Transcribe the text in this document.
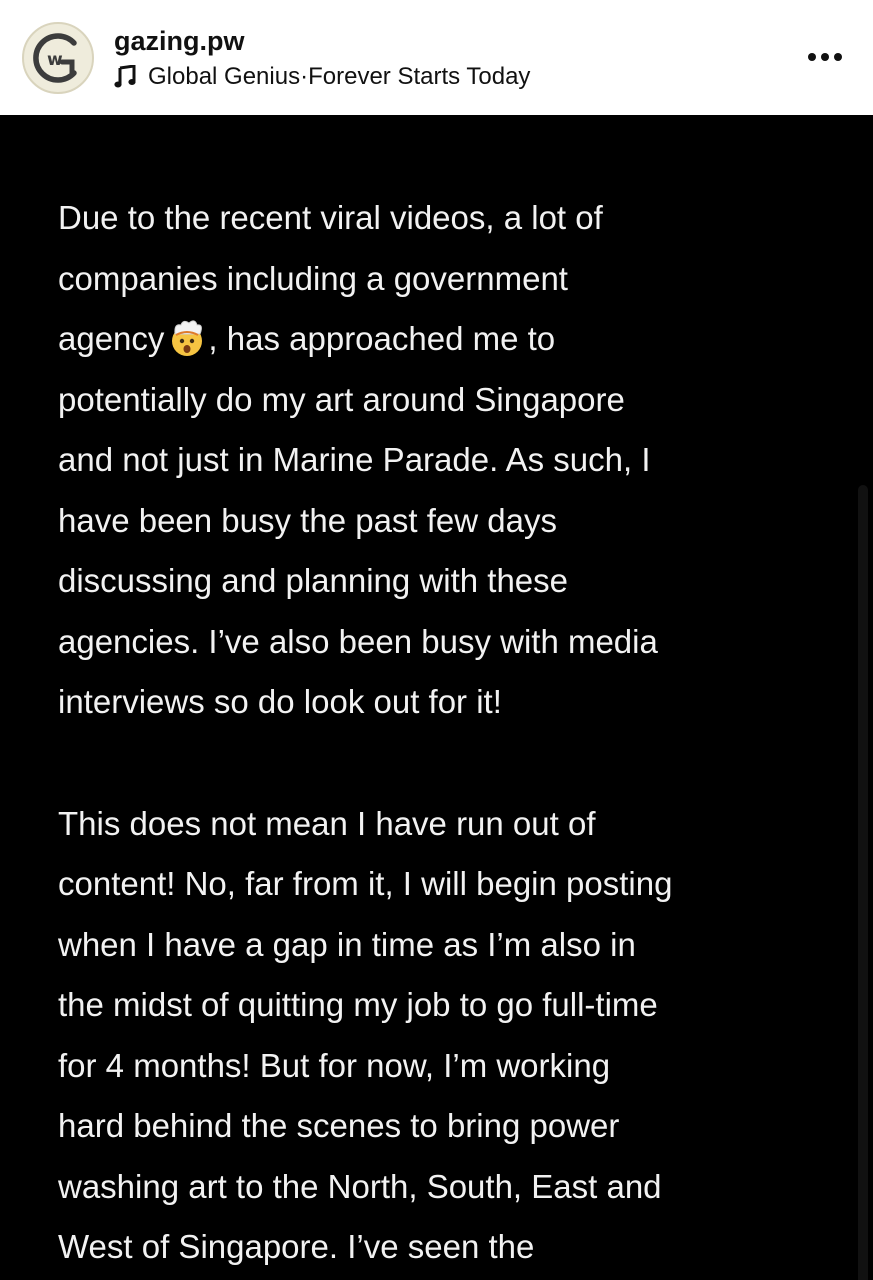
w
gazing.pw
Global Genius · Forever Starts Today

Due to the recent viral videos, a lot of

companies including a government

agency , has approached me to

potentially do my art around Singapore

and not just in Marine Parade. As such, I

have been busy the past few days

discussing and planning with these

agencies. I’ve also been busy with media

interviews so do look out for it!

This does not mean I have run out of

content! No, far from it, I will begin posting

when I have a gap in time as I’m also in

the midst of quitting my job to go full-time

for 4 months! But for now, I’m working

hard behind the scenes to bring power

washing art to the North, South, East and

West of Singapore. I’ve seen the
